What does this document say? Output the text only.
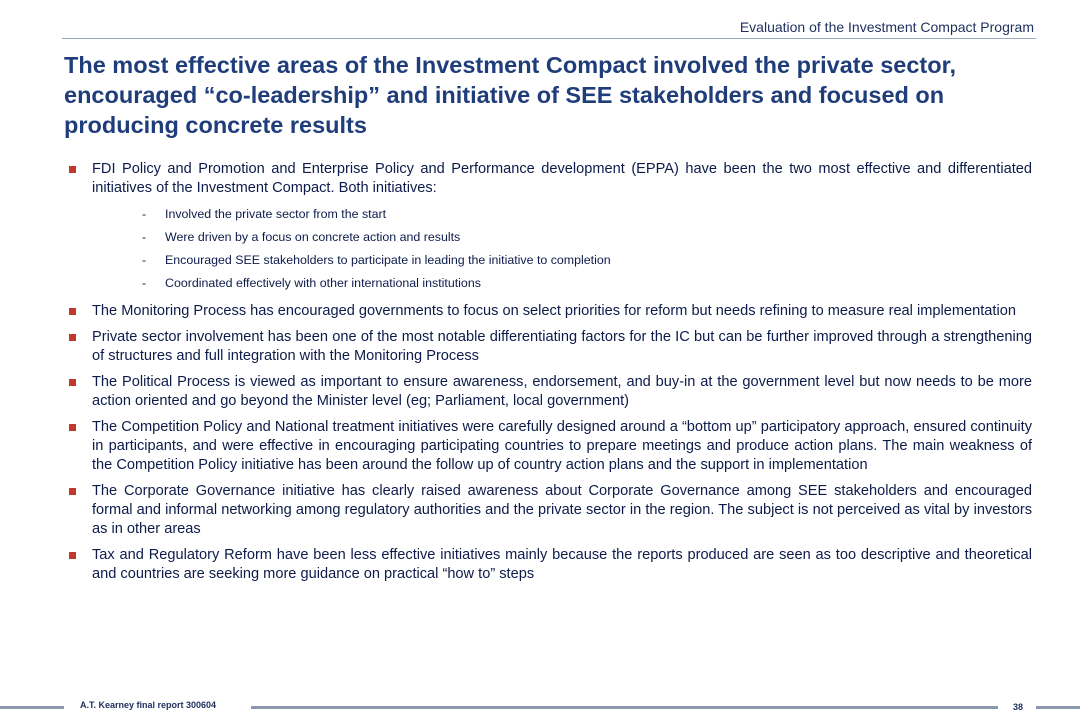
Evaluation of the Investment Compact Program
The most effective areas of the Investment Compact involved the private sector, encouraged “co-leadership” and initiative of SEE stakeholders and focused on producing concrete results
FDI Policy and Promotion and Enterprise Policy and Performance development (EPPA) have been the two most effective and differentiated initiatives of the Investment Compact. Both initiatives:
- Involved the private sector from the start
- Were driven by a focus on concrete action and results
- Encouraged SEE stakeholders to participate in leading the initiative to completion
- Coordinated effectively with other international institutions
The Monitoring Process has encouraged governments to focus on select priorities for reform but needs refining to measure real implementation
Private sector involvement has been one of the most notable differentiating factors for the IC but can be further improved through a strengthening of structures and full integration with the Monitoring Process
The Political Process is viewed as important to ensure awareness, endorsement, and buy-in at the government level but now needs to be more action oriented and go beyond the Minister level (eg; Parliament, local government)
The Competition Policy and National treatment initiatives were carefully designed around a “bottom up” participatory approach, ensured continuity in participants, and were effective in encouraging participating countries to prepare meetings and produce action plans. The main weakness of the Competition Policy initiative has been around the follow up of country action plans and the support in implementation
The Corporate Governance initiative has clearly raised awareness about Corporate Governance among SEE stakeholders and encouraged formal and informal networking among regulatory authorities and the private sector in the region. The subject is not perceived as vital by investors as in other areas
Tax and Regulatory Reform have been less effective initiatives mainly because the reports produced are seen as too descriptive and theoretical and countries are seeking more guidance on practical “how to” steps
A.T. Kearney final report 300604	38
